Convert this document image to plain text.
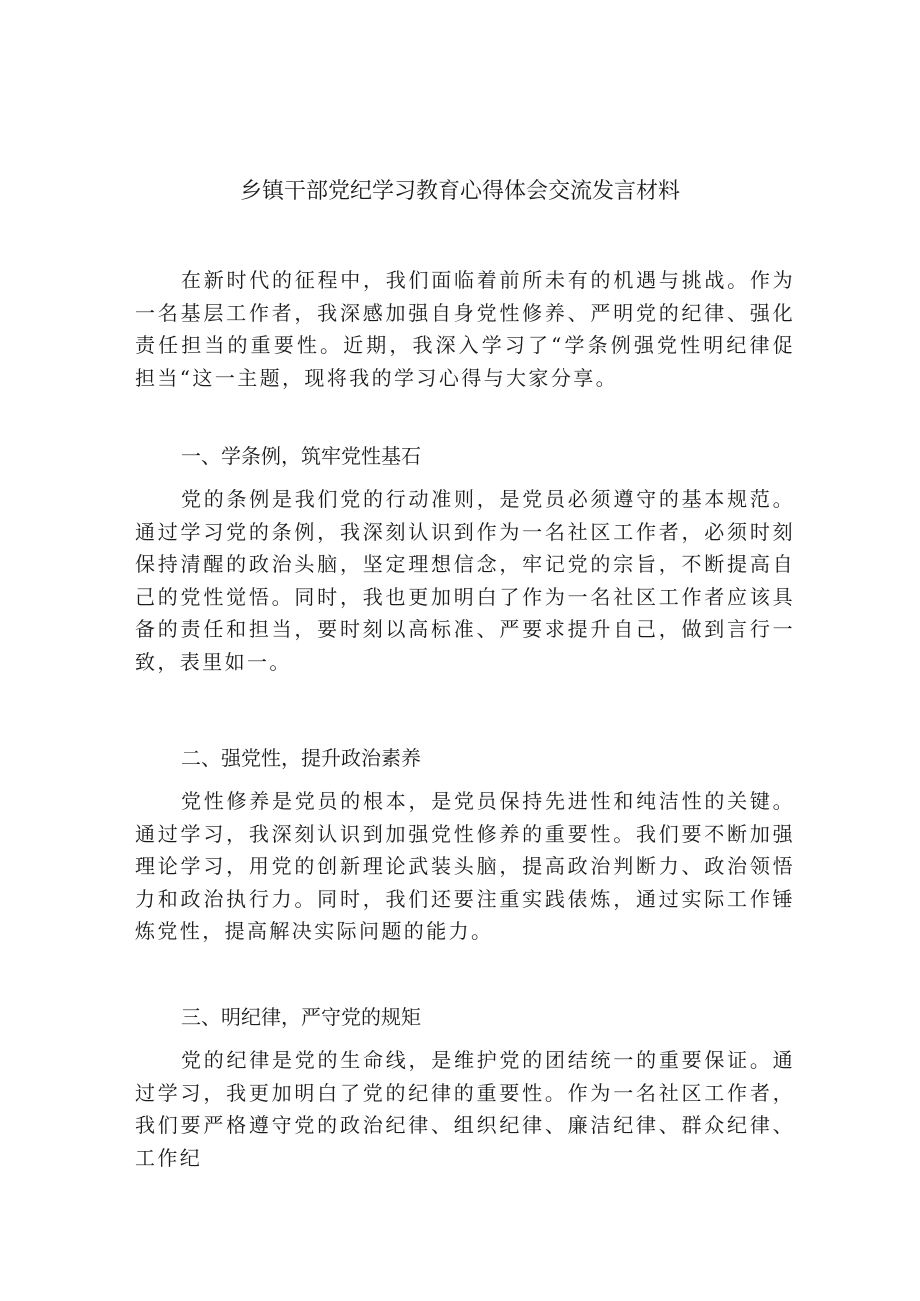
乡镇干部党纪学习教育心得体会交流发言材料

在新时代的征程中，我们面临着前所未有的机遇与挑战。作为一名基层工作者，我深感加强自身党性修养、严明党的纪律、强化责任担当的重要性。近期，我深入学习了“学条例强党性明纪律促担当“这一主题，现将我的学习心得与大家分享。

一、学条例，筑牢党性基石

党的条例是我们党的行动准则，是党员必须遵守的基本规范。通过学习党的条例，我深刻认识到作为一名社区工作者，必须时刻保持清醒的政治头脑，坚定理想信念，牢记党的宗旨，不断提高自己的党性觉悟。同时，我也更加明白了作为一名社区工作者应该具备的责任和担当，要时刻以高标准、严要求提升自己，做到言行一致，表里如一。

二、强党性，提升政治素养

党性修养是党员的根本，是党员保持先进性和纯洁性的关键。通过学习，我深刻认识到加强党性修养的重要性。我们要不断加强理论学习，用党的创新理论武装头脑，提高政治判断力、政治领悟力和政治执行力。同时，我们还要注重实践俵炼，通过实际工作锤炼党性，提高解决实际问题的能力。

三、明纪律，严守党的规矩

党的纪律是党的生命线，是维护党的团结统一的重要保证。通过学习，我更加明白了党的纪律的重要性。作为一名社区工作者，我们要严格遵守党的政治纪律、组织纪律、廉洁纪律、群众纪律、工作纪
